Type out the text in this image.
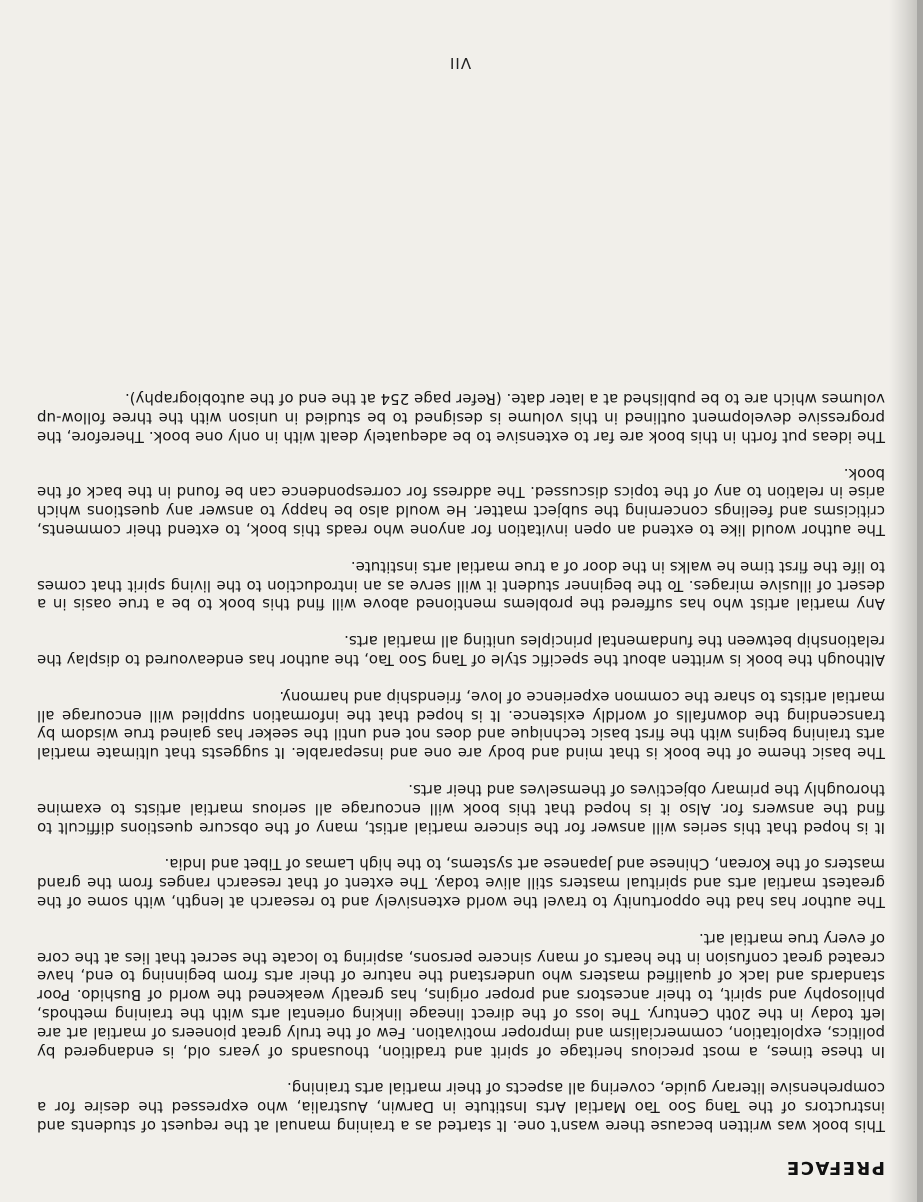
PREFACE

This book was written because there wasn't one. It started as a training manual at the request of students and instructors of the Tang Soo Tao Martial Arts Institute in Darwin, Australia, who expressed the desire for a comprehensive literary guide, covering all aspects of their martial arts training.

In these times, a most precious heritage of spirit and tradition, thousands of years old, is endangered by politics, exploitation, commercialism and improper motivation. Few of the truly great pioneers of martial art are left today in the 20th Century. The loss of the direct lineage linking oriental arts with the training methods, philosophy and spirit, to their ancestors and proper origins, has greatly weakened the world of Bushido. Poor standards and lack of qualified masters who understand the nature of their arts from beginning to end, have created great confusion in the hearts of many sincere persons, aspiring to locate the secret that lies at the core of every true martial art.

The author has had the opportunity to travel the world extensively and to research at length, with some of the greatest martial arts and spiritual masters still alive today. The extent of that research ranges from the grand masters of the Korean, Chinese and Japanese art systems, to the high Lamas of Tibet and India.

It is hoped that this series will answer for the sincere martial artist, many of the obscure questions difficult to find the answers for. Also it is hoped that this book will encourage all serious martial artists to examine thoroughly the primary objectives of themselves and their arts.

The basic theme of the book is that mind and body are one and inseparable. It suggests that ultimate martial arts training begins with the first basic technique and does not end until the seeker has gained true wisdom by transcending the downfalls of worldly existence. It is hoped that the information supplied will encourage all martial artists to share the common experience of love, friendship and harmony.

Although the book is written about the specific style of Tang Soo Tao, the author has endeavoured to display the relationship between the fundamental principles uniting all martial arts.

Any martial artist who has suffered the problems mentioned above will find this book to be a true oasis in a desert of illusive mirages. To the beginner student it will serve as an introduction to the living spirit that comes to life the first time he walks in the door of a true martial arts institute.

The author would like to extend an open invitation for anyone who reads this book, to extend their comments, criticisms and feelings concerning the subject matter. He would also be happy to answer any questions which arise in relation to any of the topics discussed. The address for correspondence can be found in the back of the book.

The ideas put forth in this book are far to extensive to be adequately dealt with in only one book. Therefore, the progressive development outlined in this volume is designed to be studied in unison with the three follow-up volumes which are to be published at a later date. (Refer page 254 at the end of the autobiography).

VII
